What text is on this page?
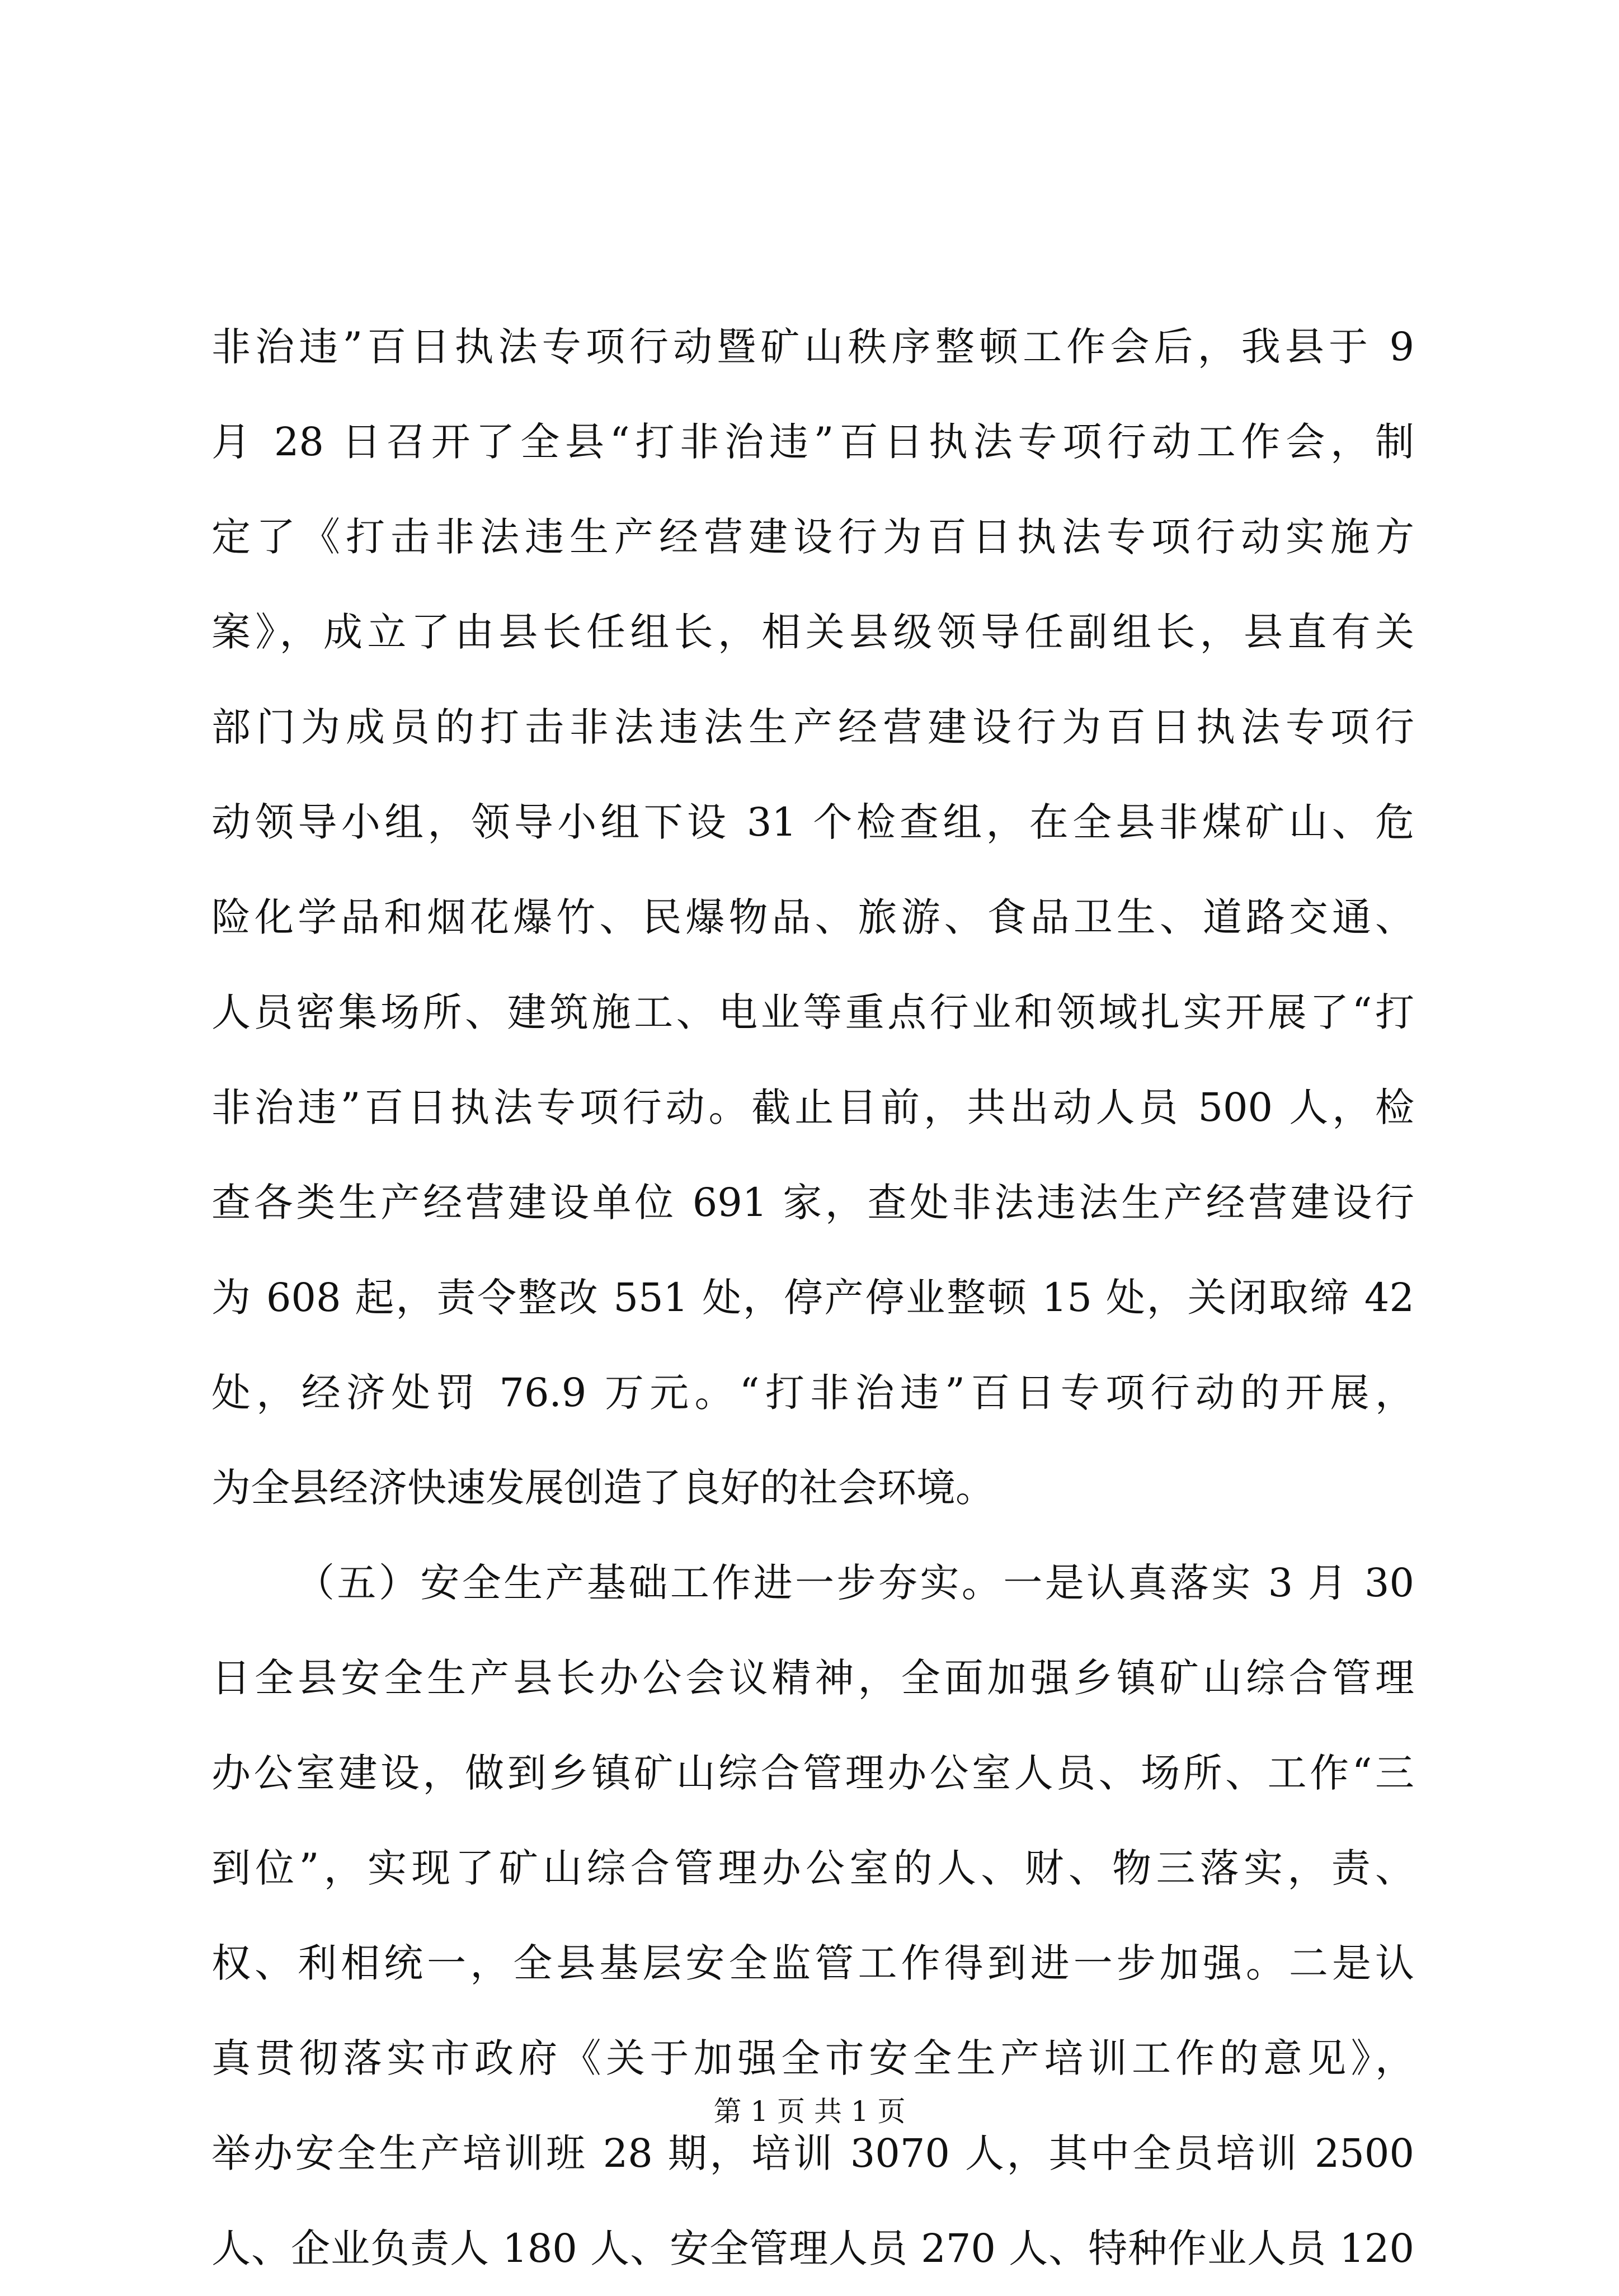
非治违”百日执法专项行动暨矿山秩序整顿工作会后，我县于 9
月 28 日召开了全县“打非治违”百日执法专项行动工作会，制
定了《打击非法违生产经营建设行为百日执法专项行动实施方
案》，成立了由县长任组长，相关县级领导任副组长，县直有关
部门为成员的打击非法违法生产经营建设行为百日执法专项行
动领导小组，领导小组下设 31 个检查组，在全县非煤矿山、危
险化学品和烟花爆竹、民爆物品、旅游、食品卫生、道路交通、
人员密集场所、建筑施工、电业等重点行业和领域扎实开展了“打
非治违”百日执法专项行动。截止目前，共出动人员 500 人，检
查各类生产经营建设单位 691 家，查处非法违法生产经营建设行
为 608 起，责令整改 551 处，停产停业整顿 15 处，关闭取缔 42
处，经济处罚 76.9 万元。“打非治违”百日专项行动的开展，
为全县经济快速发展创造了良好的社会环境。
（五）安全生产基础工作进一步夯实。一是认真落实 3 月 30
日全县安全生产县长办公会议精神，全面加强乡镇矿山综合管理
办公室建设，做到乡镇矿山综合管理办公室人员、场所、工作“三
到位”，实现了矿山综合管理办公室的人、财、物三落实，责、
权、利相统一，全县基层安全监管工作得到进一步加强。二是认
真贯彻落实市政府《关于加强全市安全生产培训工作的意见》，
举办安全生产培训班 28 期，培训 3070 人，其中全员培训 2500
人、企业负责人 180 人、安全管理人员 270 人、特种作业人员 120
第 1 页 共 1 页
